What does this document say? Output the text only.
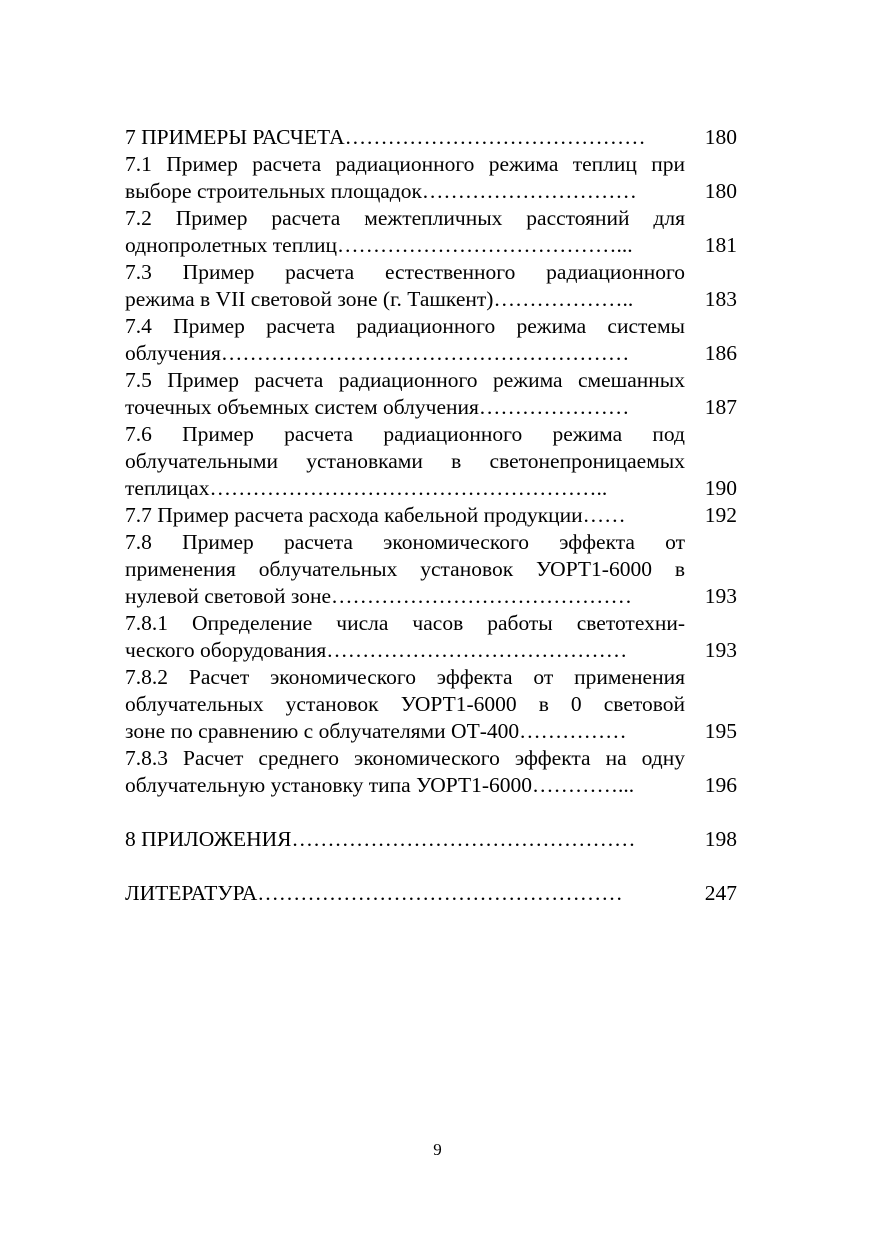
7 ПРИМЕРЫ РАСЧЕТА……………………………………	180
7.1 Пример расчета радиационного режима теплиц при
выборе строительных площадок…………………………	180
7.2 Пример расчета межтепличных расстояний для
однопролетных теплиц…………………………………...	181
7.3 Пример расчета естественного радиационного
режима в VII световой зоне (г. Ташкент)………………..	183
7.4 Пример расчета радиационного режима системы
облучения…………………………………………………	186
7.5 Пример расчета радиационного режима смешанных
точечных объемных систем облучения…………………	187
7.6 Пример расчета радиационного режима под
облучательными установками в светонепроницаемых
теплицах………………………………………………..	190
7.7 Пример расчета расхода кабельной продукции……	192
7.8 Пример расчета экономического эффекта от
применения облучательных установок УОРТ1-6000 в
нулевой световой зоне……………………………………	193
7.8.1 Определение числа часов работы светотехни-
ческого оборудования……………………………………	193
7.8.2 Расчет экономического эффекта от применения
облучательных установок УОРТ1-6000 в 0 световой
зоне по сравнению с облучателями ОТ-400……………	195
7.8.3 Расчет среднего экономического эффекта на одну
облучательную установку типа УОРТ1-6000…………...	196
8 ПРИЛОЖЕНИЯ…………………………………………	198
ЛИТЕРАТУРА……………………………………………	247
9
